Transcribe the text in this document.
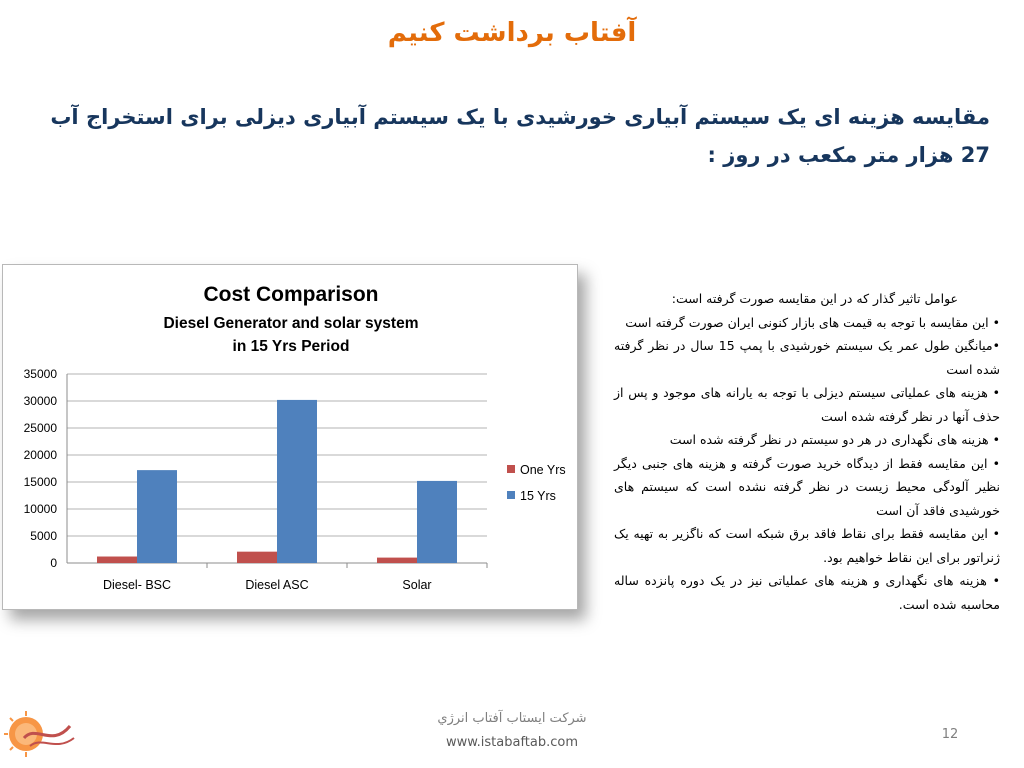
آفتاب برداشت کنیم
مقایسه هزینه ای یک سیستم آبیاری خورشیدی با یک سیستم آبیاری دیزلی برای استخراج آب 27 هزار متر مکعب در روز :
Cost Comparison
Diesel Generator and solar system
in 15 Yrs Period
0
5000
10000
15000
20000
25000
30000
35000
Diesel- BSC	Diesel ASC	Solar
One Yrs
15 Yrs

عوامل تاثیر گذار که در این مقایسه صورت گرفته است:

• این مقایسه با توجه به قیمت های بازار کنونی ایران صورت گرفته است

•میانگین طول عمر یک سیستم خورشیدی با پمپ 15 سال در نظر گرفته شده است

• هزینه های عملیاتی سیستم دیزلی با توجه به یارانه های موجود و پس از حذف آنها در نظر گرفته شده است

• هزینه های نگهداری در هر دو سیستم در نظر گرفته شده است

• این مقایسه فقط از دیدگاه خرید صورت گرفته و هزینه های جنبی دیگر نظیر آلودگی محیط زیست در نظر گرفته نشده است که سیستم های خورشیدی فاقد آن است

• این مقایسه فقط برای نقاط فاقد برق شبکه است که ناگزیر به تهیه یک ژنراتور برای این نقاط خواهیم بود.

• هزینه های نگهداری و هزینه های عملیاتی نیز در یک دوره پانزده ساله محاسبه شده است.

شرکت ایستاب آفتاب انرژي
www.istabaftab.com
12
